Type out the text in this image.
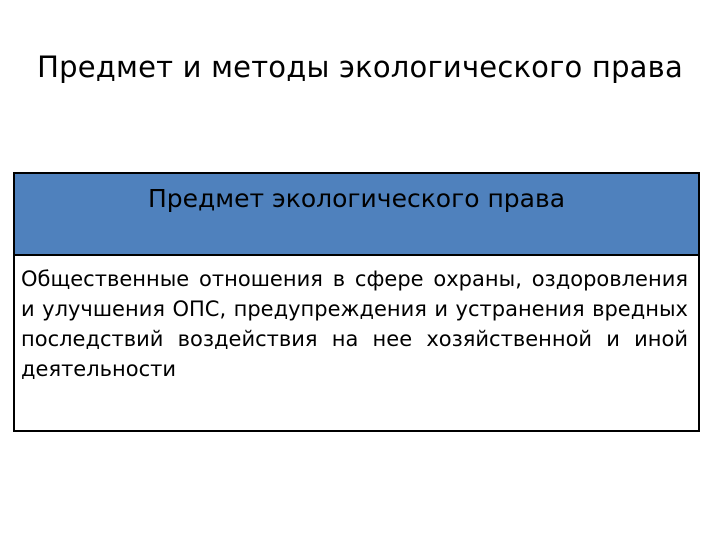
Предмет и методы экологического права
Предмет экологического права
Общественные отношения в сфере охраны, оздоровления и улучшения ОПС, предупреждения и устранения вредных последствий воздействия на нее хозяйственной и иной деятельности
